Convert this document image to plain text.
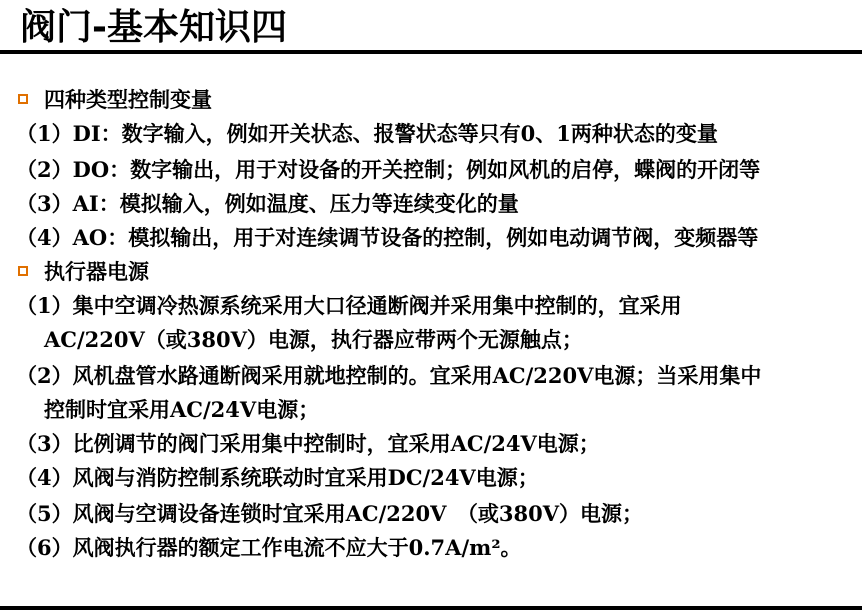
阀门-基本知识四
四种类型控制变量
（1）DI：数字输入，例如开关状态、报警状态等只有0、1两种状态的变量
（2）DO：数字输出，用于对设备的开关控制；例如风机的启停，蝶阀的开闭等
（3）AI：模拟输入，例如温度、压力等连续变化的量
（4）AO：模拟输出，用于对连续调节设备的控制，例如电动调节阀，变频器等
执行器电源
（1）集中空调冷热源系统采用大口径通断阀并采用集中控制的，宜采用
AC/220V（或380V）电源，执行器应带两个无源触点；
（2）风机盘管水路通断阀采用就地控制的。宜采用AC/220V电源；当采用集中
控制时宜采用AC/24V电源；
（3）比例调节的阀门采用集中控制时，宜采用AC/24V电源；
（4）风阀与消防控制系统联动时宜采用DC/24V电源；
（5）风阀与空调设备连锁时宜采用AC/220V　（或380V）电源；
（6）风阀执行器的额定工作电流不应大于0.7A/m²。
